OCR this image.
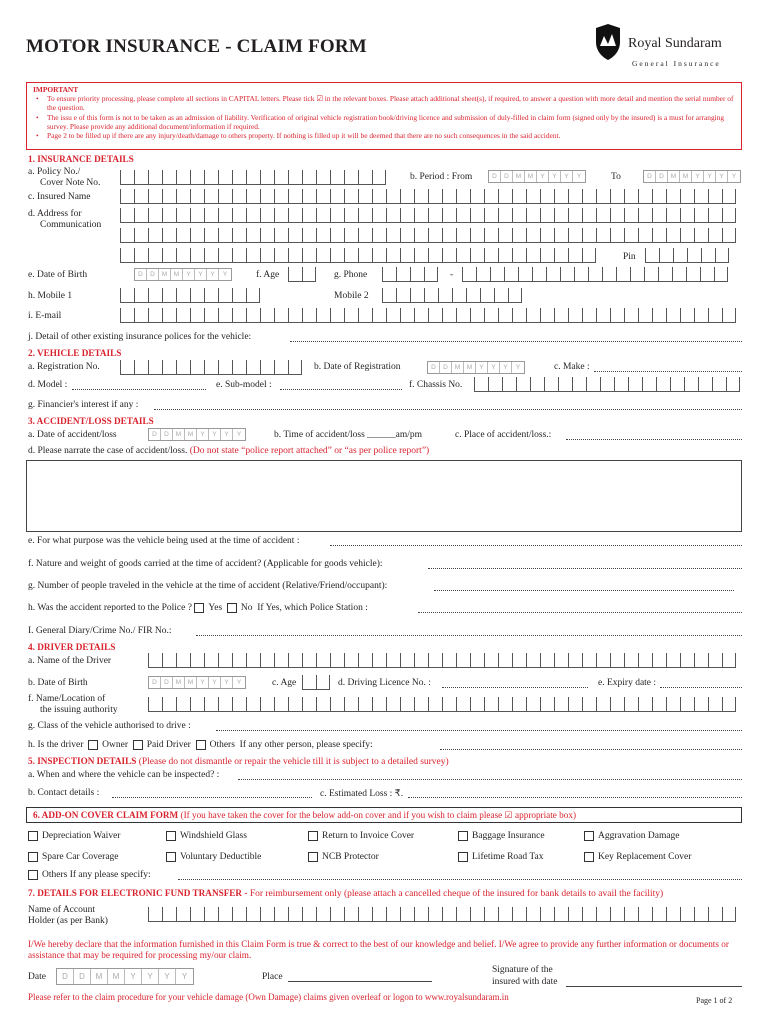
MOTOR INSURANCE - CLAIM FORM	Royal Sundaram
General Insurance
IMPORTANT
• To ensure priority processing, please complete all sections in CAPITAL letters. Please tick ☑ in the relevant boxes. Please attach additional sheet(s), if required, to answer a question with more detail and mention the serial number of the question.
• The issu e of this form is not to be taken as an admission of liability. Verification of original vehicle registration book/driving licence and submission of duly-filled in claim form (signed only by the insured) is a must for arranging survey. Please provide any additional document/information if required.
• Page 2 to be filled up if there are any injury/death/damage to others property. If nothing is filled up it will be deemed that there are no such consequences in the said accident.
1. INSURANCE DETAILS
a. Policy No./
Cover Note No.
b. Period : From	D	D	M	M	Y	Y	Y	Y	To	D	D	M	M	Y	Y	Y	Y
c. Insured Name
d. Address for
Communication
Pin
e. Date of Birth	D	D	M	M	Y	Y	Y	Y	f. Age	g. Phone	-
h. Mobile 1	Mobile 2
i. E-mail
j. Detail of other existing insurance polices for the vehicle:
2. VEHICLE DETAILS
a. Registration No.	b. Date of Registration	D	D	M	M	Y	Y	Y	Y	c. Make :
d. Model :	e. Sub-model :	f. Chassis No.
g. Financier's interest if any :
3. ACCIDENT/LOSS DETAILS
a. Date of accident/loss	D	D	M	M	Y	Y	Y	Y	b. Time of accident/loss ______am/pm	c. Place of accident/loss.:
d. Please narrate the case of accident/loss. (Do not state “police report attached” or “as per police report”)
e. For what purpose was the vehicle being used at the time of accident :
f. Nature and weight of goods carried at the time of accident? (Applicable for goods vehicle):
g. Number of people traveled in the vehicle at the time of accident (Relative/Friend/occupant):
h. Was the accident reported to the Police ? Yes No If Yes, which Police Station :
I. General Diary/Crime No./ FIR No.:
4. DRIVER DETAILS
a. Name of the Driver
b. Date of Birth	D	D	M	M	Y	Y	Y	Y	c. Age	d. Driving Licence No. :	e. Expiry date :
f. Name/Location of
the issuing authority
g. Class of the vehicle authorised to drive :
h. Is the driver Owner Paid Driver Others If any other person, please specify:
5. INSPECTION DETAILS (Please do not dismantle or repair the vehicle till it is subject to a detailed survey)
a. When and where the vehicle can be inspected? :
b. Contact details :	c. Estimated Loss : ₹.
6. ADD-ON COVER CLAIM FORM (If you have taken the cover for the below add-on cover and if you wish to claim please ☑ appropriate box)
Depreciation Waiver	Windshield Glass	Return to Invoice Cover	Baggage Insurance	Aggravation Damage
Spare Car Coverage	Voluntary Deductible	NCB Protector	Lifetime Road Tax	Key Replacement Cover
Others If any please specify:
7. DETAILS FOR ELECTRONIC FUND TRANSFER - For reimbursement only (please attach a cancelled cheque of the insured for bank details to avail the facility)
Name of Account
Holder (as per Bank)
I/We hereby declare that the information furnished in this Claim Form is true & correct to the best of our knowledge and belief. I/We agree to provide any further information or documents or assistance that may be required for processing my/our claim.
Date	D	D	M	M	Y	Y	Y	Y	Place
Signature of the
insured with date
Please refer to the claim procedure for your vehicle damage (Own Damage) claims given overleaf or logon to www.royalsundaram.in	Page 1 of 2
